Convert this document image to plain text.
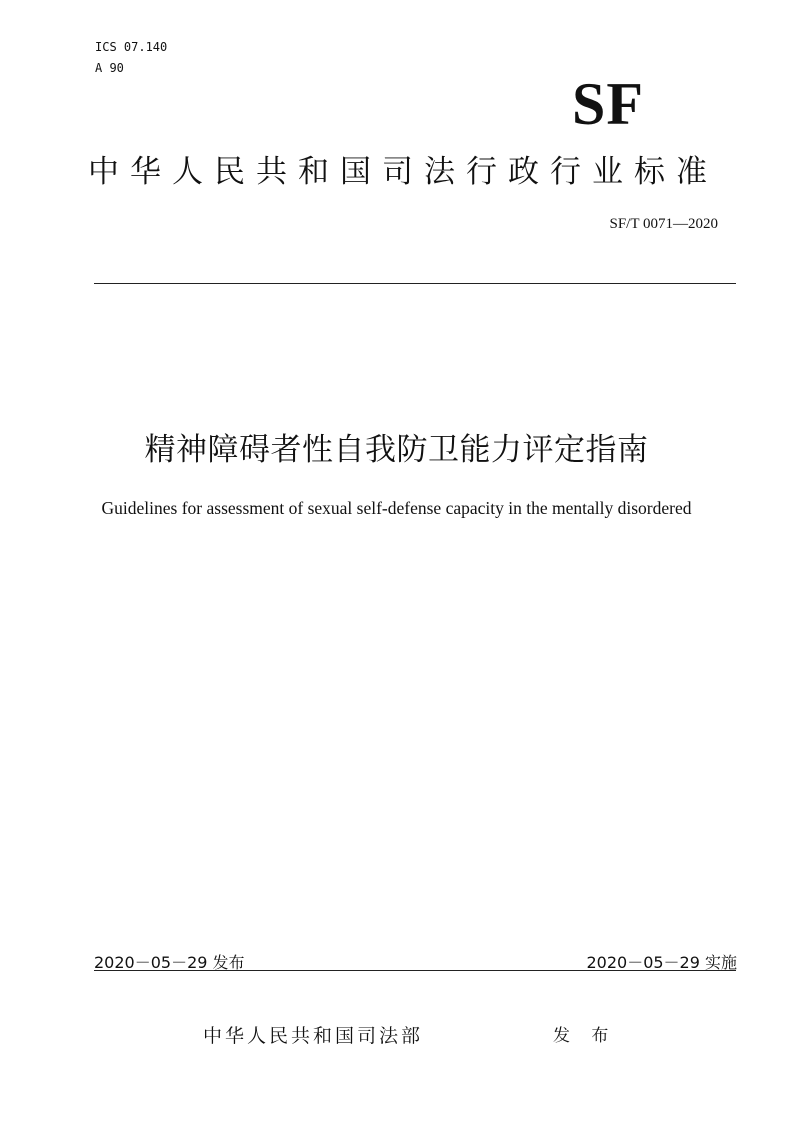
ICS 07.140
A 90
SF
中华人民共和国司法行政行业标准
SF/T 0071—2020
精神障碍者性自我防卫能力评定指南
Guidelines for assessment of sexual self-defense capacity in the mentally disordered
2020－05－29 发布	2020－05－29 实施
中华人民共和国司法部	发 布
